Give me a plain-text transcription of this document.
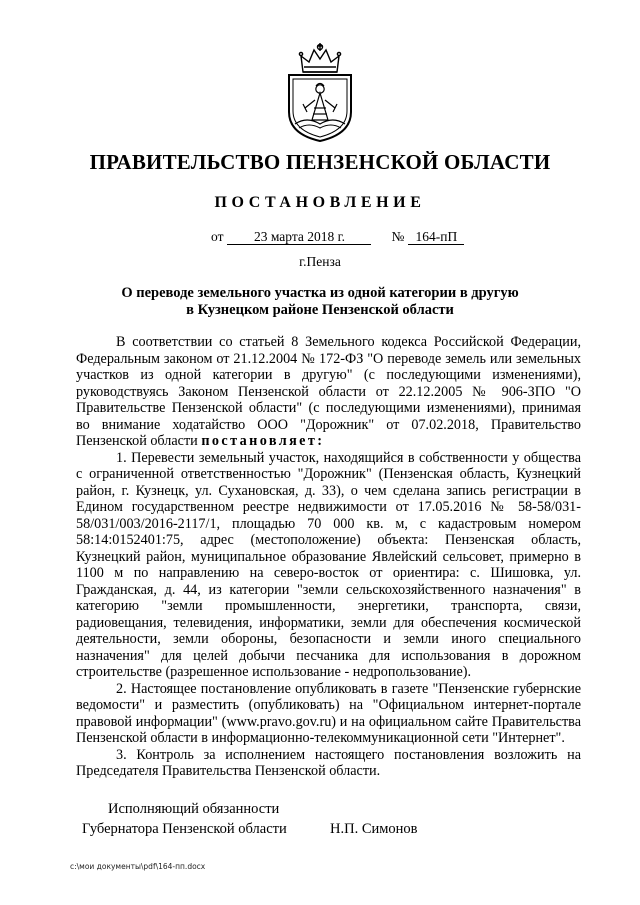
ПРАВИТЕЛЬСТВО ПЕНЗЕНСКОЙ ОБЛАСТИ
ПОСТАНОВЛЕНИЕ
от 23 марта 2018 г.	№ 164-пП
г.Пенза
О переводе земельного участка из одной категории в другую
в Кузнецком районе Пензенской области

В соответствии со статьей 8 Земельного кодекса Российской Федерации, Федеральным законом от 21.12.2004 № 172-ФЗ "О переводе земель или земельных участков из одной категории в другую" (с последующими изменениями), руководствуясь Законом Пензенской области от 22.12.2005 № 906-ЗПО "О Правительстве Пензенской области" (с последующими изменениями), принимая во внимание ходатайство ООО "Дорожник" от 07.02.2018, Правительство Пензенской области постановляет:

1. Перевести земельный участок, находящийся в собственности у общества с ограниченной ответственностью "Дорожник" (Пензенская область, Кузнецкий район, г. Кузнецк, ул. Сухановская, д. 33), о чем сделана запись регистрации в Едином государственном реестре недвижимости от 17.05.2016 № 58-58/031-58/031/003/2016-2117/1, площадью 70 000 кв. м, с кадастровым номером 58:14:0152401:75, адрес (местоположение) объекта: Пензенская область, Кузнецкий район, муниципальное образование Явлейский сельсовет, примерно в 1100 м по направлению на северо-восток от ориентира: с. Шишовка, ул. Гражданская, д. 44, из категории "земли сельскохозяйственного назначения" в категорию "земли промышленности, энергетики, транспорта, связи, радиовещания, телевидения, информатики, земли для обеспечения космической деятельности, земли обороны, безопасности и земли иного специального назначения" для целей добычи песчаника для использования в дорожном строительстве (разрешенное использование - недропользование).

2. Настоящее постановление опубликовать в газете "Пензенские губернские ведомости" и разместить (опубликовать) на "Официальном интернет-портале правовой информации" (www.pravo.gov.ru) и на официальном сайте Правительства Пензенской области в информационно-телекоммуникационной сети "Интернет".

3. Контроль за исполнением настоящего постановления возложить на Председателя Правительства Пензенской области.

Исполняющий обязанности
Губернатора Пензенской области	Н.П. Симонов
c:\мои документы\pdf\164-пп.docx
